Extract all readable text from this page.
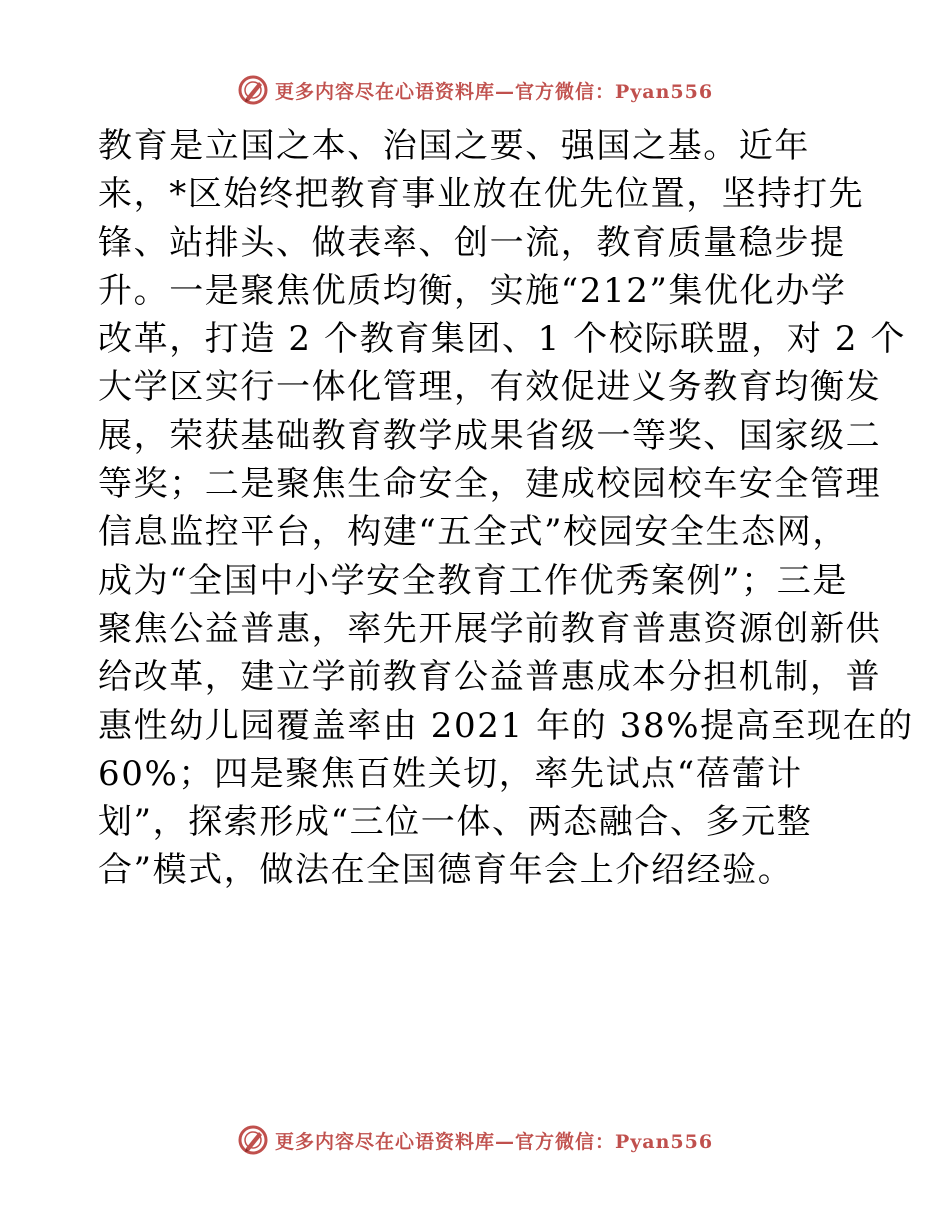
更多内容尽在心语资料库—官方微信：Pyan556
教育是立国之本、治国之要、强国之基。近年
来，*区始终把教育事业放在优先位置，坚持打先
锋、站排头、做表率、创一流，教育质量稳步提
升。一是聚焦优质均衡，实施“212”集优化办学
改革，打造 2 个教育集团、1 个校际联盟，对 2 个
大学区实行一体化管理，有效促进义务教育均衡发
展，荣获基础教育教学成果省级一等奖、国家级二
等奖；二是聚焦生命安全，建成校园校车安全管理
信息监控平台，构建“五全式”校园安全生态网，
成为“全国中小学安全教育工作优秀案例”；三是
聚焦公益普惠，率先开展学前教育普惠资源创新供
给改革，建立学前教育公益普惠成本分担机制，普
惠性幼儿园覆盖率由 2021 年的 38%提高至现在的
60%；四是聚焦百姓关切，率先试点“蓓蕾计
划”，探索形成“三位一体、两态融合、多元整
合”模式，做法在全国德育年会上介绍经验。
更多内容尽在心语资料库—官方微信：Pyan556
